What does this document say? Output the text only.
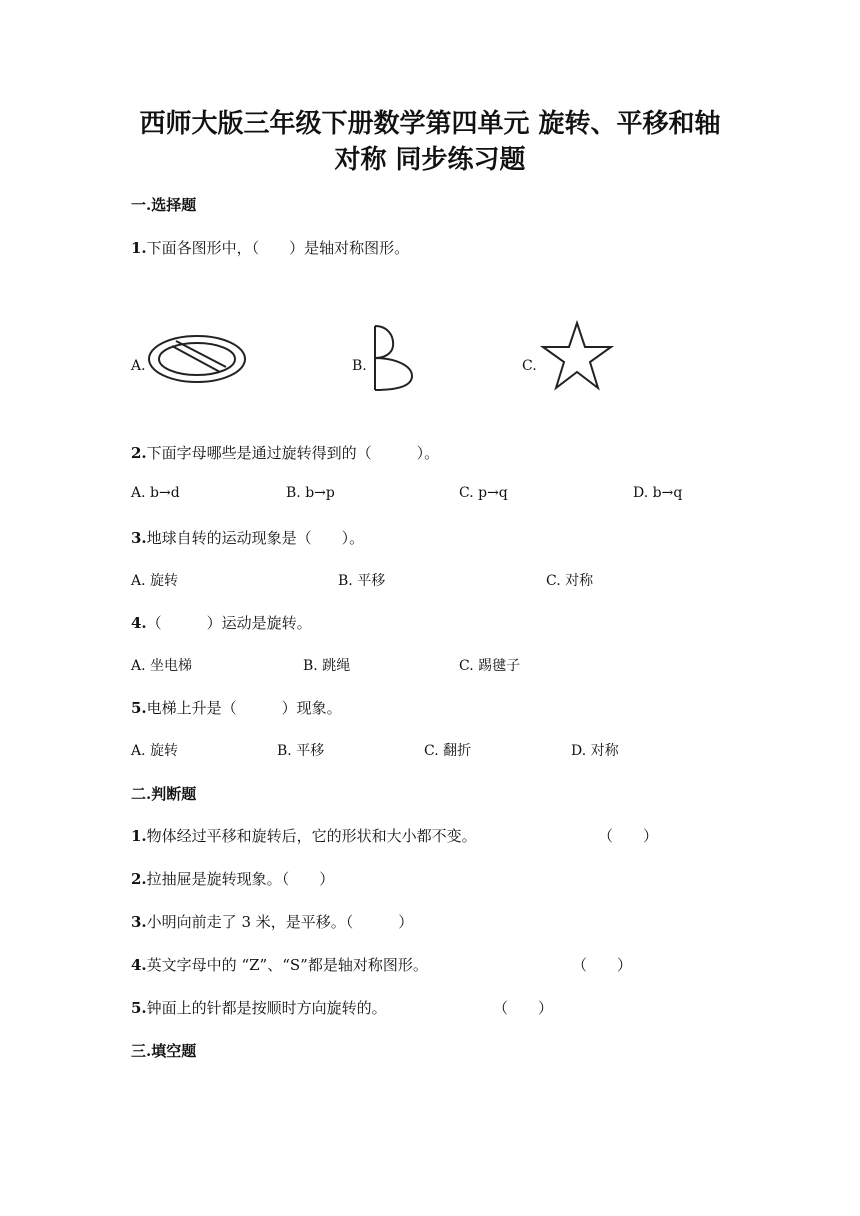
西师大版三年级下册数学第四单元 旋转、平移和轴
对称 同步练习题
一.选择题
1.下面各图形中，（　　）是轴对称图形。
A.	B.	C.
2.下面字母哪些是通过旋转得到的（　　　）。
A. b→d	B. b→p	C. p→q	D. b→q
3.地球自转的运动现象是（　　）。
A. 旋转	B. 平移	C. 对称
4.（　　　）运动是旋转。
A. 坐电梯	B. 跳绳	C. 踢毽子
5.电梯上升是（　　　）现象。
A. 旋转	B. 平移	C. 翻折	D. 对称
二.判断题
1.物体经过平移和旋转后，它的形状和大小都不变。	（　　）
2.拉抽屉是旋转现象。（　　）
3.小明向前走了 3 米，是平移。（　　　）
4.英文字母中的 “Z”、“S”都是轴对称图形。	（　　）
5.钟面上的针都是按顺时方向旋转的。	（　　）
三.填空题
